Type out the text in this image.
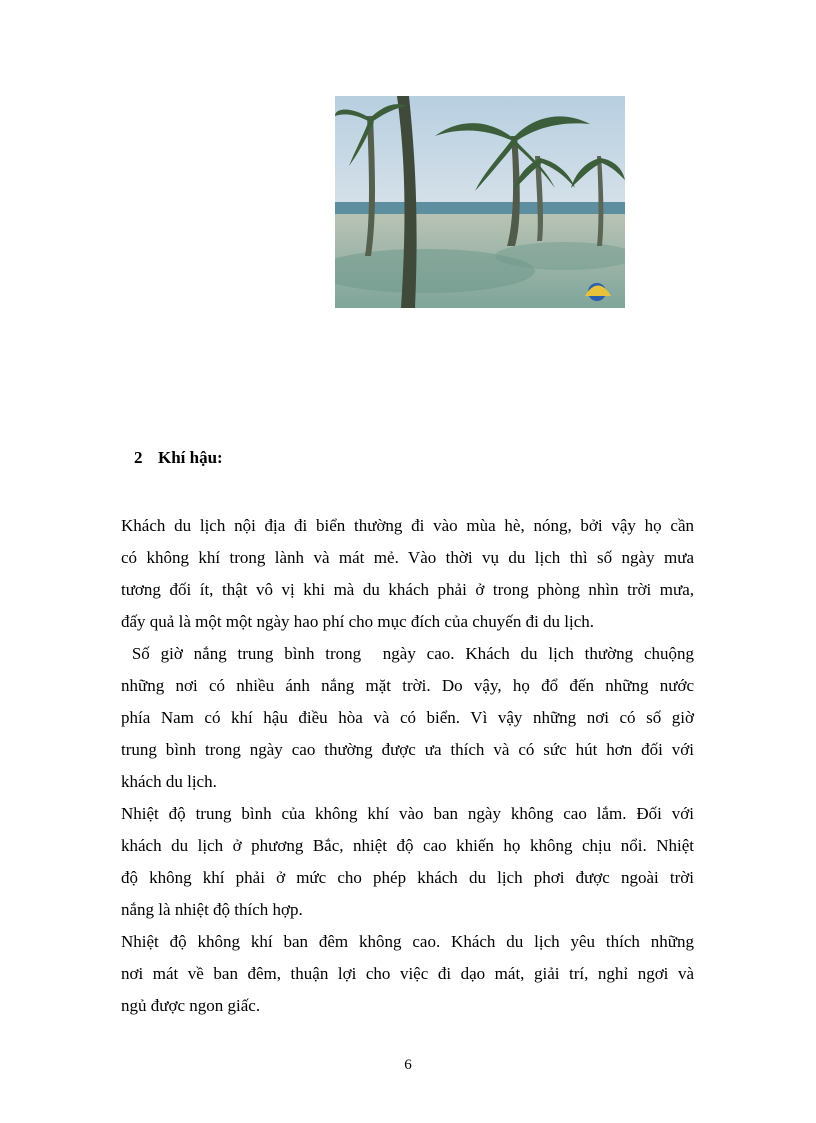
2 Khí hậu:
Khách du lịch nội địa đi biển thường đi vào mùa hè, nóng, bởi vậy họ cần
có không khí trong lành và mát mẻ. Vào thời vụ du lịch thì số ngày mưa
tương đối ít, thật vô vị khi mà du khách phải ở trong phòng nhìn trời mưa,
đấy quả là một một ngày hao phí cho mục đích của chuyến đi du lịch.
Số giờ nắng trung bình trong  ngày cao. Khách du lịch thường chuộng
những nơi có nhiều ánh nắng mặt trời. Do vậy, họ đổ đến những nước
phía Nam có khí hậu điều hòa và có biển. Vì vậy những nơi có số giờ
trung bình trong ngày cao thường được ưa thích và có sức hút hơn đối với
khách du lịch.
Nhiệt độ trung bình của không khí vào ban ngày không cao lắm. Đối với
khách du lịch ở phương Bắc, nhiệt độ cao khiến họ không chịu nổi. Nhiệt
độ không khí phải ở mức cho phép khách du lịch phơi được ngoài trời
nắng là nhiệt độ thích hợp.
Nhiệt độ không khí ban đêm không cao. Khách du lịch yêu thích những
nơi mát về ban đêm, thuận lợi cho việc đi dạo mát, giải trí, nghỉ ngơi và
ngủ được ngon giấc.
6
